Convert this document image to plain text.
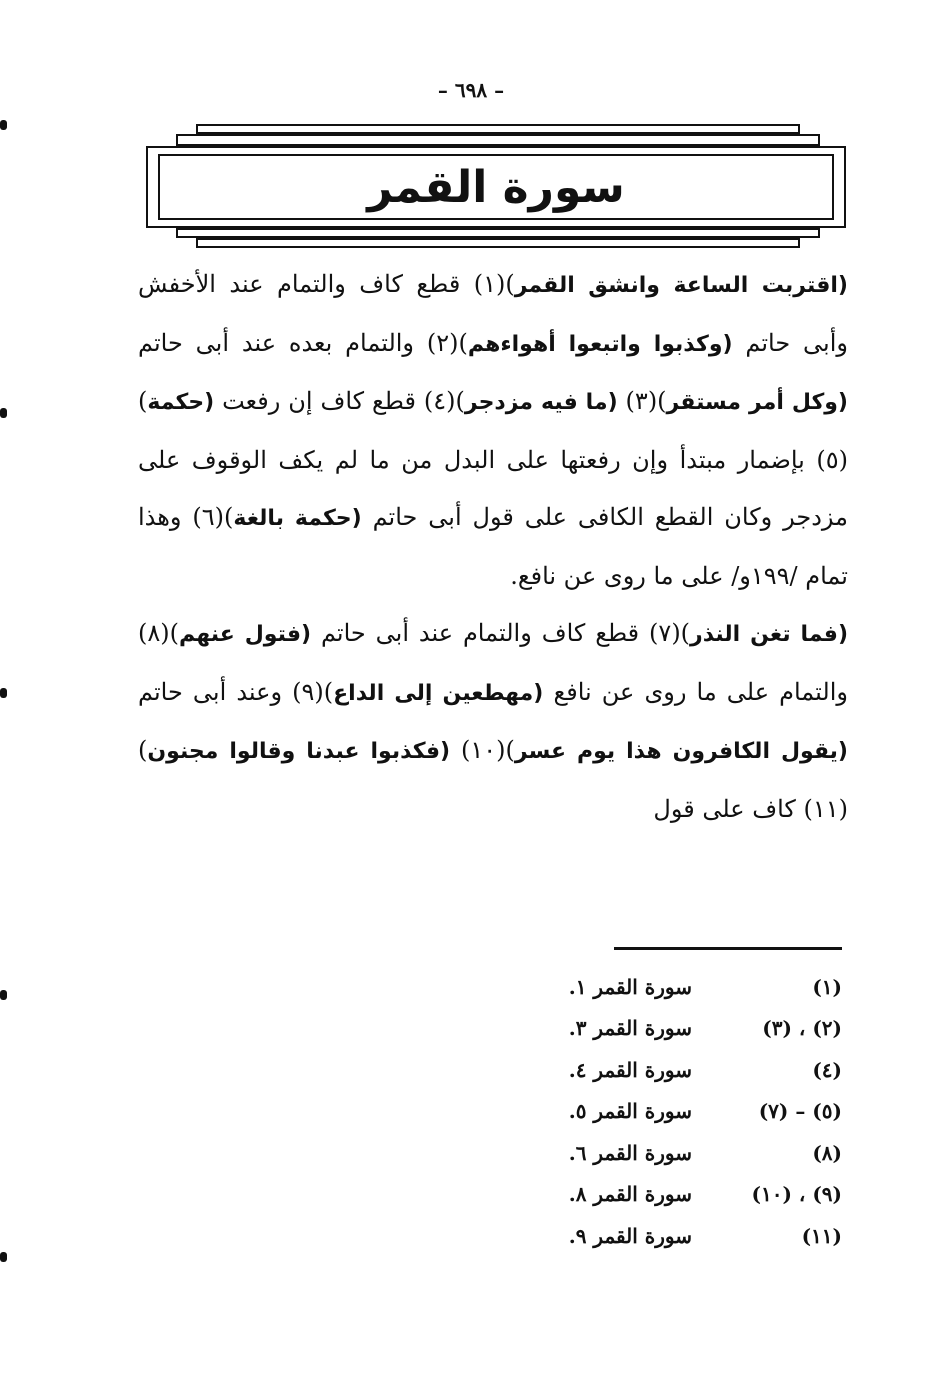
– ٦٩٨ –
سورة القمر

(اقتربت الساعة وانشق القمر)(١) قطع كاف والتمام عند الأخفش وأبى حاتم (وكذبوا واتبعوا أهواءهم)(٢) والتمام بعده عند أبى حاتم (وكل أمر مستقر)(٣) (ما فيه مزدجر)(٤) قطع كاف إن رفعت (حكمة)(٥) بإضمار مبتدأ وإن رفعتها على البدل من ما لم يكف الوقوف على مزدجر وكان القطع الكافى على قول أبى حاتم (حكمة بالغة)(٦) وهذا تمام /١٩٩و/ على ما روى عن نافع.

(فما تغن النذر)(٧) قطع كاف والتمام عند أبى حاتم (فتول عنهم)(٨) والتمام على ما روى عن نافع (مهطعين إلى الداع)(٩) وعند أبى حاتم (يقول الكافرون هذا يوم عسر)(١٠) (فكذبوا عبدنا وقالوا مجنون)(١١) كاف على قول

(١)
سورة القمر ١.
(٢) ، (٣)
سورة القمر ٣.
(٤)
سورة القمر ٤.
(٥) – (٧)
سورة القمر ٥.
(٨)
سورة القمر ٦.
(٩) ، (١٠)
سورة القمر ٨.
(١١)
سورة القمر ٩.
